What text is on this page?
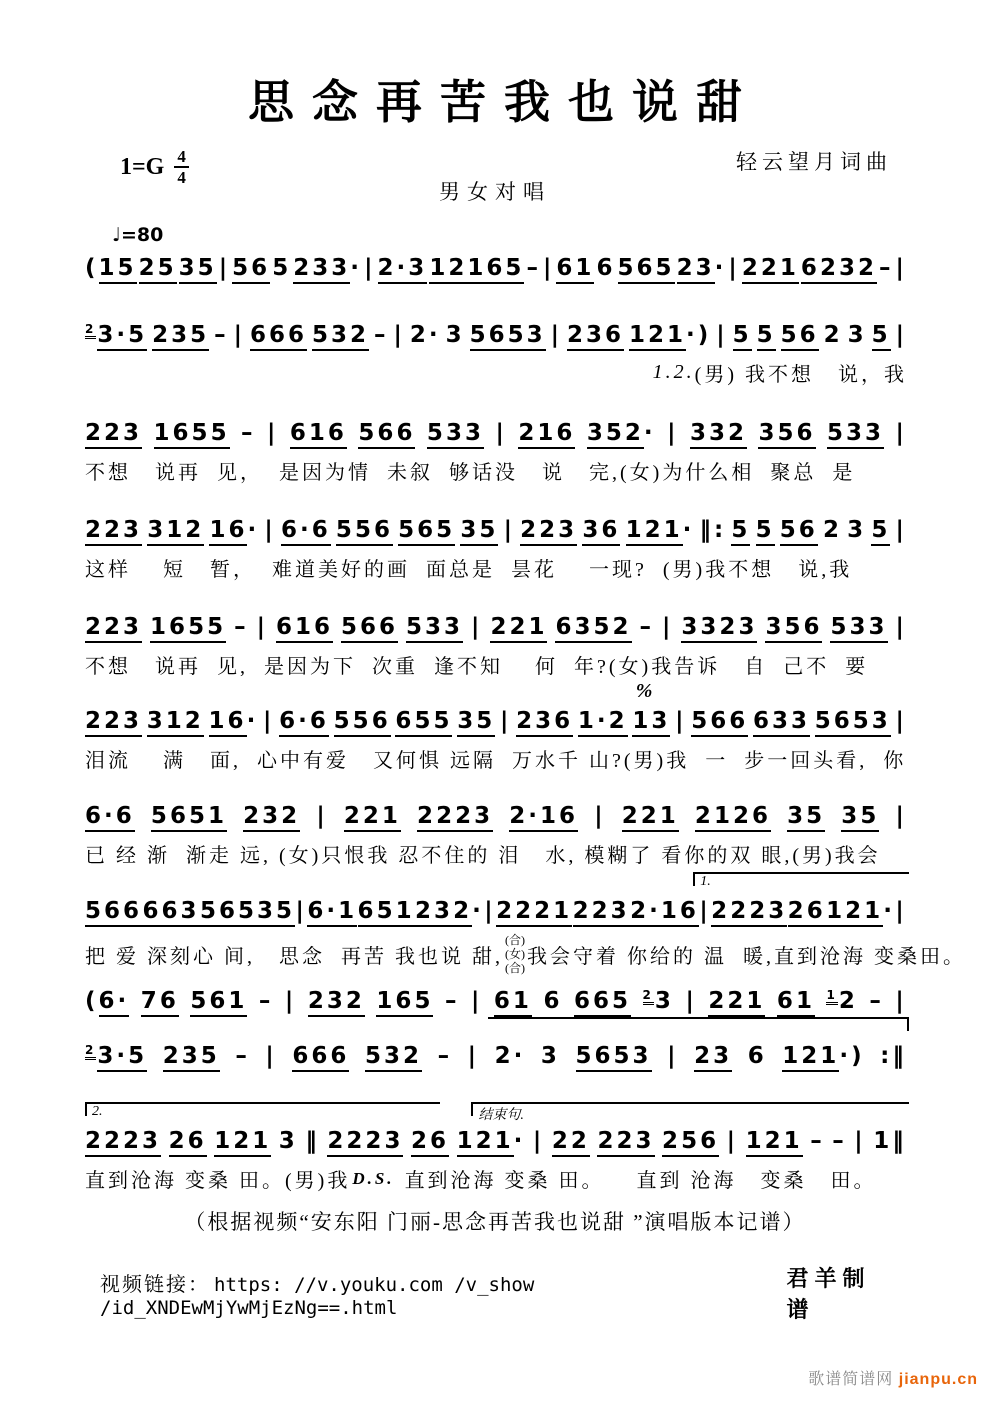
思念再苦我也说甜
$1=G \frac{4}{4}$	轻云望月词曲
男女对唱
♩=80
(15 25 35 | 56 5 233· | 2·3 12165 – | 61 6 565 23· | 221 6232 – |
$^2$3·5 235 – | 666 532 – | 2· 3 5653 | 236 121·) | 5 5 56 2 3 5 |
1.2. (男) 我不想   说，我
223 1655 – | 616 566 533 | 216 352· | 332 356 533 |
不想   说再  见，  是因为情  未叙  够话没   说   完,(女)为什么相  聚总  是
223 312 16· | 6·6 556 565 35 | 223 36 121· ‖: 5 5 56 2 3 5 |
这样    短   暂，  难道美好的画  面总是  昙花    一现?  (男)我不想   说,我
223 1655 – | 616 566 533 | 221 6352 – | 3323 356 533 |
不想   说再  见,  是因为下  次重  逢不知    何  年?(女)我告诉   自  己不  要
%
223 312 16· | 6·6 556 655 35 | 236 1·2 13 | 566 633 5653 |
泪流    满   面,  心中有爱   又何惧 远隔  万水千 山?(男)我  一  步一回头看,  你
6·6 5651 232 | 221 2223 2·16 | 221 2126 35 35 |
已 经 渐  渐走 远, (女)只恨我 忍不住的 泪   水, 模糊了 看你的双 眼,(男)我会
1.
566 663 56535 | 6·1 651 232· | 2221 223 2·16 | 2223 26 121· |
把 爱 深刻心 间,   思念  再苦 我也说 甜,
(合)
(女)
(合) 我会守着 你给的 温  暖,直到沧海 变桑田。
(6· 76 561 – | 232 165 – | 61 6 665 $^2$3 | 221 61 $^1$2 – |
$^2$3·5 235 – | 666 532 – | 2· 3 5653 | 23 6 121·) :‖
2.	结束句.
2223 26 121 3 ‖ 2223 26 121· | 22 223 256 | 121 – – | 1‖
直到沧海 变桑 田。(男)我 D.S. 直到沧海 变桑 田。    直到 沧海   变桑   田。
（根据视频“安东阳 门丽-思念再苦我也说甜 ”演唱版本记谱）
视频链接： https: //v.youku.com /v_show /id_XNDEwMjYwMjEzNg==.html
君羊制谱
歌谱简谱网 jianpu.cn
